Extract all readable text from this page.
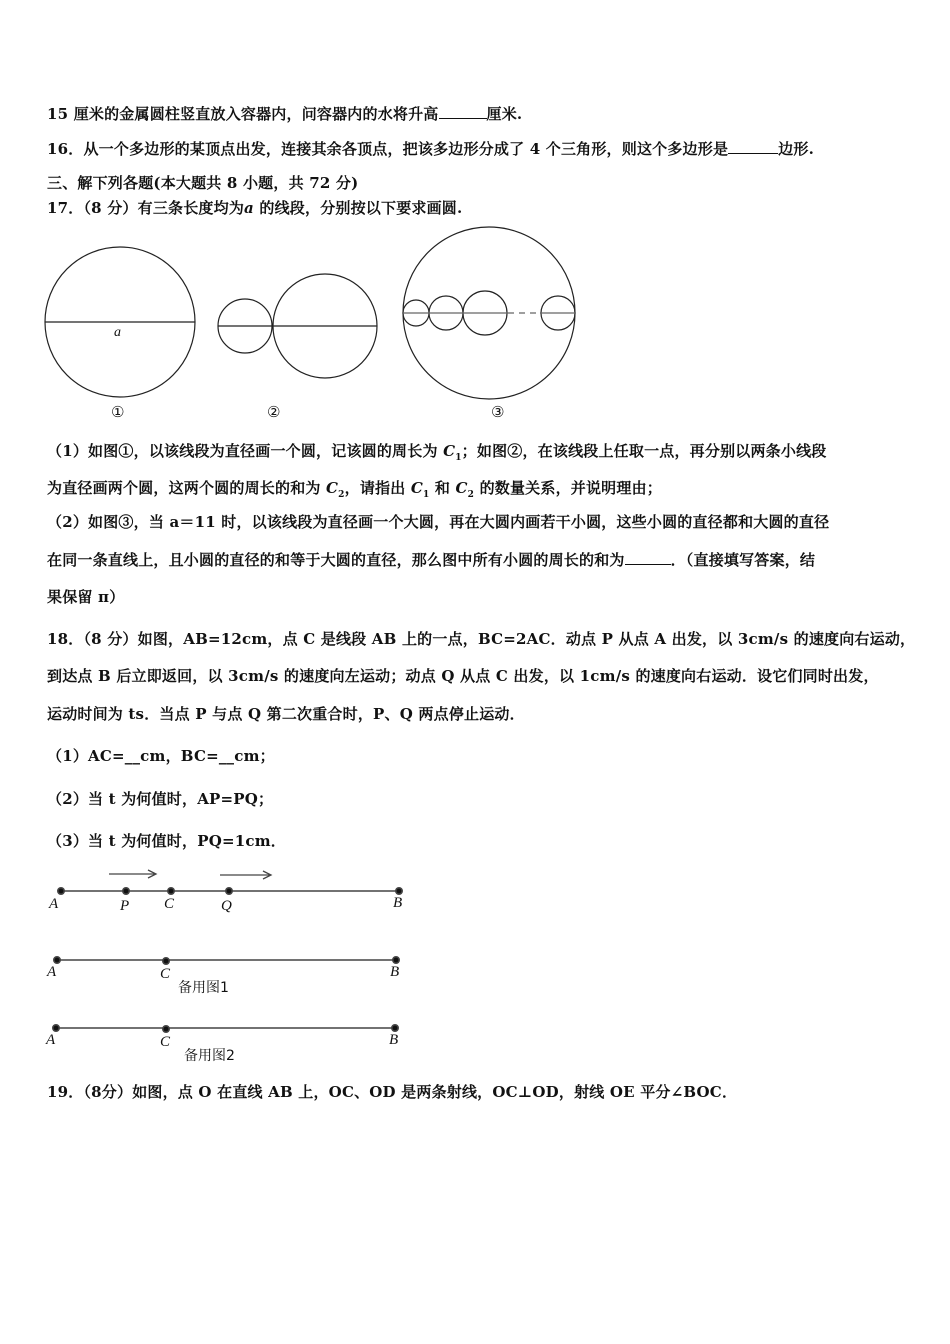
15 厘米的金属圆柱竖直放入容器内，问容器内的水将升高	厘米.
16．从一个多边形的某顶点出发，连接其余各顶点，把该多边形分成了 4 个三角形，则这个多边形是	边形.
三、解下列各题(本大题共 8 小题，共 72 分)
17．（8 分）有三条长度均为a 的线段，分别按以下要求画圆.
a
①	②	③
（1）如图①，以该线段为直径画一个圆，记该圆的周长为 $C_1$；如图②，在该线段上任取一点，再分别以两条小线段
为直径画两个圆，这两个圆的周长的和为 $C_2$，请指出 $C_1$ 和 $C_2$ 的数量关系，并说明理由；
（2）如图③，当 a＝11 时，以该线段为直径画一个大圆，再在大圆内画若干小圆，这些小圆的直径都和大圆的直径
在同一条直线上，且小圆的直径的和等于大圆的直径，那么图中所有小圆的周长的和为	．（直接填写答案，结
果保留 π）
18．（8 分）如图，AB=12cm，点 C 是线段 AB 上的一点，BC=2AC．动点 P 从点 A 出发，以 3cm/s 的速度向右运动，
到达点 B 后立即返回，以 3cm/s 的速度向左运动；动点 Q 从点 C 出发，以 1cm/s 的速度向右运动．设它们同时出发，
运动时间为 ts．当点 P 与点 Q 第二次重合时，P、Q 两点停止运动．
（1）AC=__cm，BC=__cm；
（2）当 t 为何值时，AP=PQ；
（3）当 t 为何值时，PQ=1cm．
A	P C	Q	B
A	C	B
备用图1
A	C	B
备用图2
19．（8分）如图，点 O 在直线 AB 上，OC、OD 是两条射线，OC⊥OD，射线 OE 平分∠BOC．
